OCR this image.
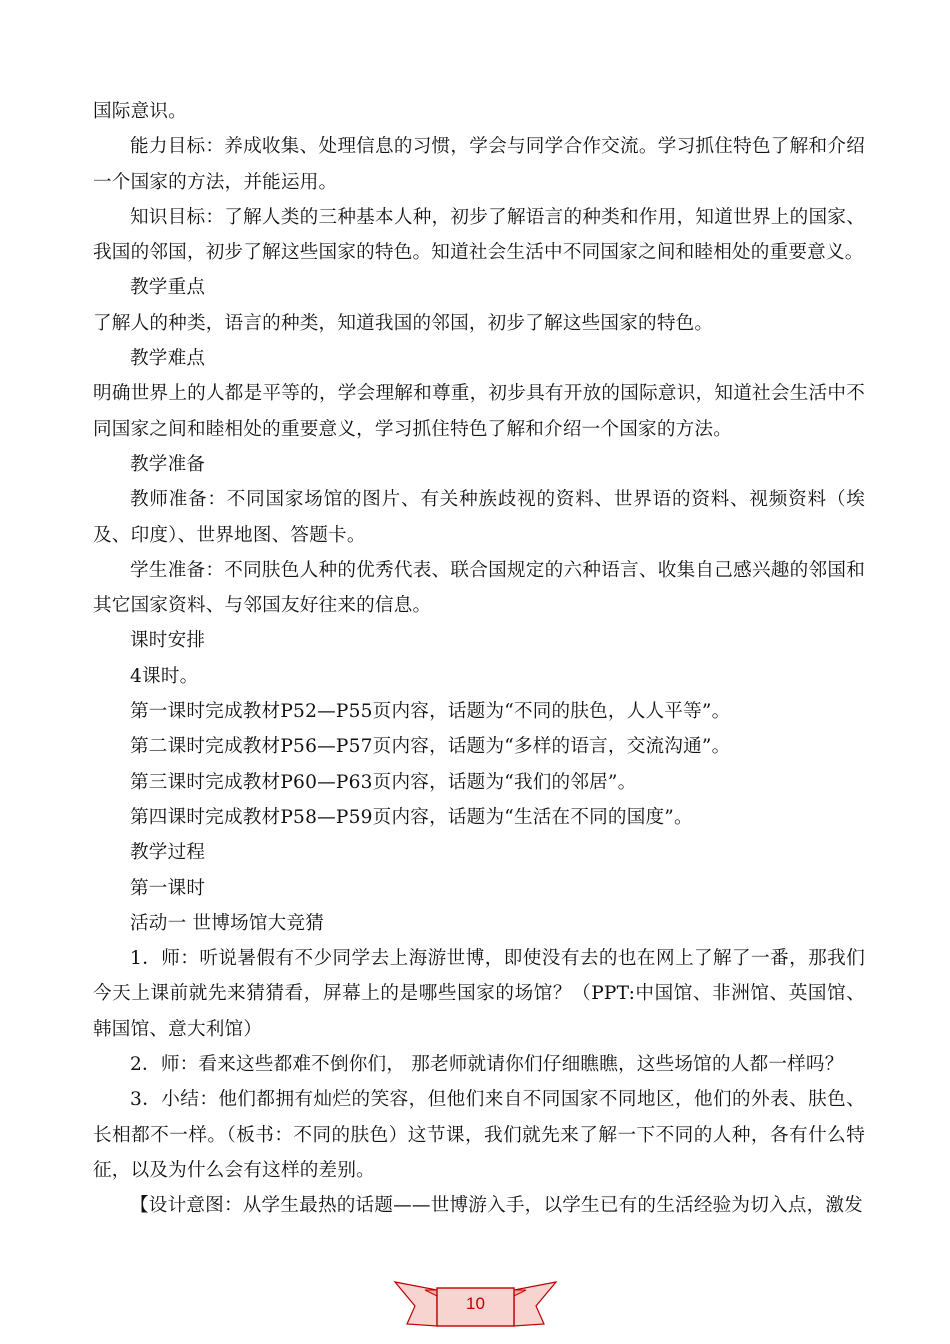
国际意识。

能力目标：养成收集、处理信息的习惯，学会与同学合作交流。学习抓住特色了解和介绍一个国家的方法，并能运用。

知识目标：了解人类的三种基本人种，初步了解语言的种类和作用，知道世界上的国家、我国的邻国，初步了解这些国家的特色。知道社会生活中不同国家之间和睦相处的重要意义。

教学重点

了解人的种类，语言的种类，知道我国的邻国，初步了解这些国家的特色。

教学难点

明确世界上的人都是平等的，学会理解和尊重，初步具有开放的国际意识，知道社会生活中不同国家之间和睦相处的重要意义，学习抓住特色了解和介绍一个国家的方法。

教学准备

教师准备：不同国家场馆的图片、有关种族歧视的资料、世界语的资料、视频资料（埃及、印度）、世界地图、答题卡。

学生准备：不同肤色人种的优秀代表、联合国规定的六种语言、收集自己感兴趣的邻国和其它国家资料、与邻国友好往来的信息。

课时安排

4课时。

第一课时完成教材P52—P55页内容，话题为“不同的肤色，人人平等”。

第二课时完成教材P56—P57页内容，话题为“多样的语言，交流沟通”。

第三课时完成教材P60—P63页内容，话题为“我们的邻居”。

第四课时完成教材P58—P59页内容，话题为“生活在不同的国度”。

教学过程

第一课时

活动一 世博场馆大竞猜

1．师：听说暑假有不少同学去上海游世博，即使没有去的也在网上了解了一番，那我们今天上课前就先来猜猜看，屏幕上的是哪些国家的场馆？（PPT:中国馆、非洲馆、英国馆、韩国馆、意大利馆）

2．师：看来这些都难不倒你们， 那老师就请你们仔细瞧瞧，这些场馆的人都一样吗？

3．小结：他们都拥有灿烂的笑容，但他们来自不同国家不同地区，他们的外表、肤色、长相都不一样。（板书：不同的肤色）这节课，我们就先来了解一下不同的人种，各有什么特征，以及为什么会有这样的差别。

【设计意图：从学生最热的话题——世博游入手，以学生已有的生活经验为切入点，激发

10
